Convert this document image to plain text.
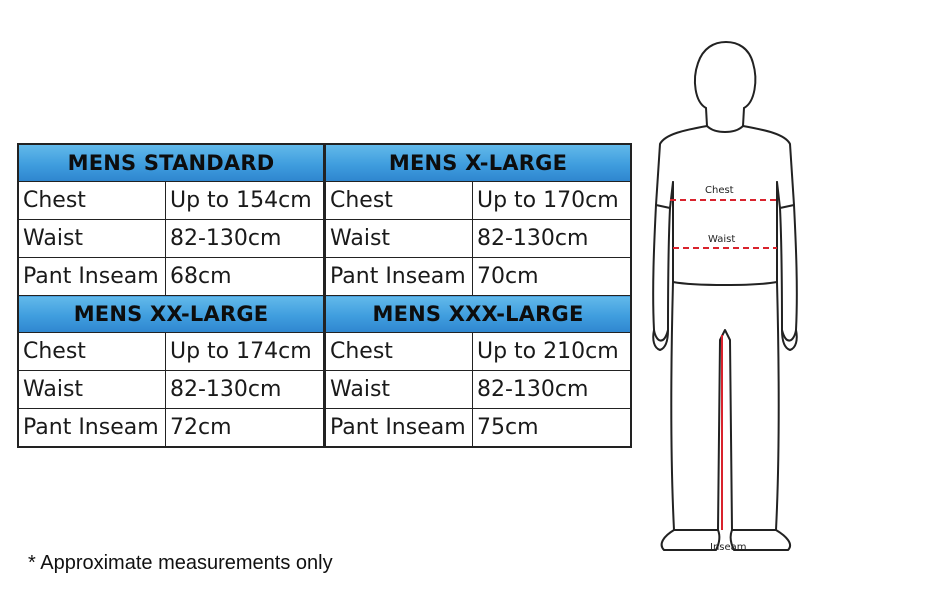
MENS STANDARD		MENS X-LARGE	
Chest	Up to 154cm	Chest	Up to 170cm
Waist	82-130cm	Waist	82-130cm
Pant Inseam	68cm	Pant Inseam	70cm
MENS XX-LARGE		MENS XXX-LARGE	
Chest	Up to 174cm	Chest	Up to 210cm
Waist	82-130cm	Waist	82-130cm
Pant Inseam	72cm	Pant Inseam	75cm
* Approximate measurements only
Chest
Waist
Inseam
